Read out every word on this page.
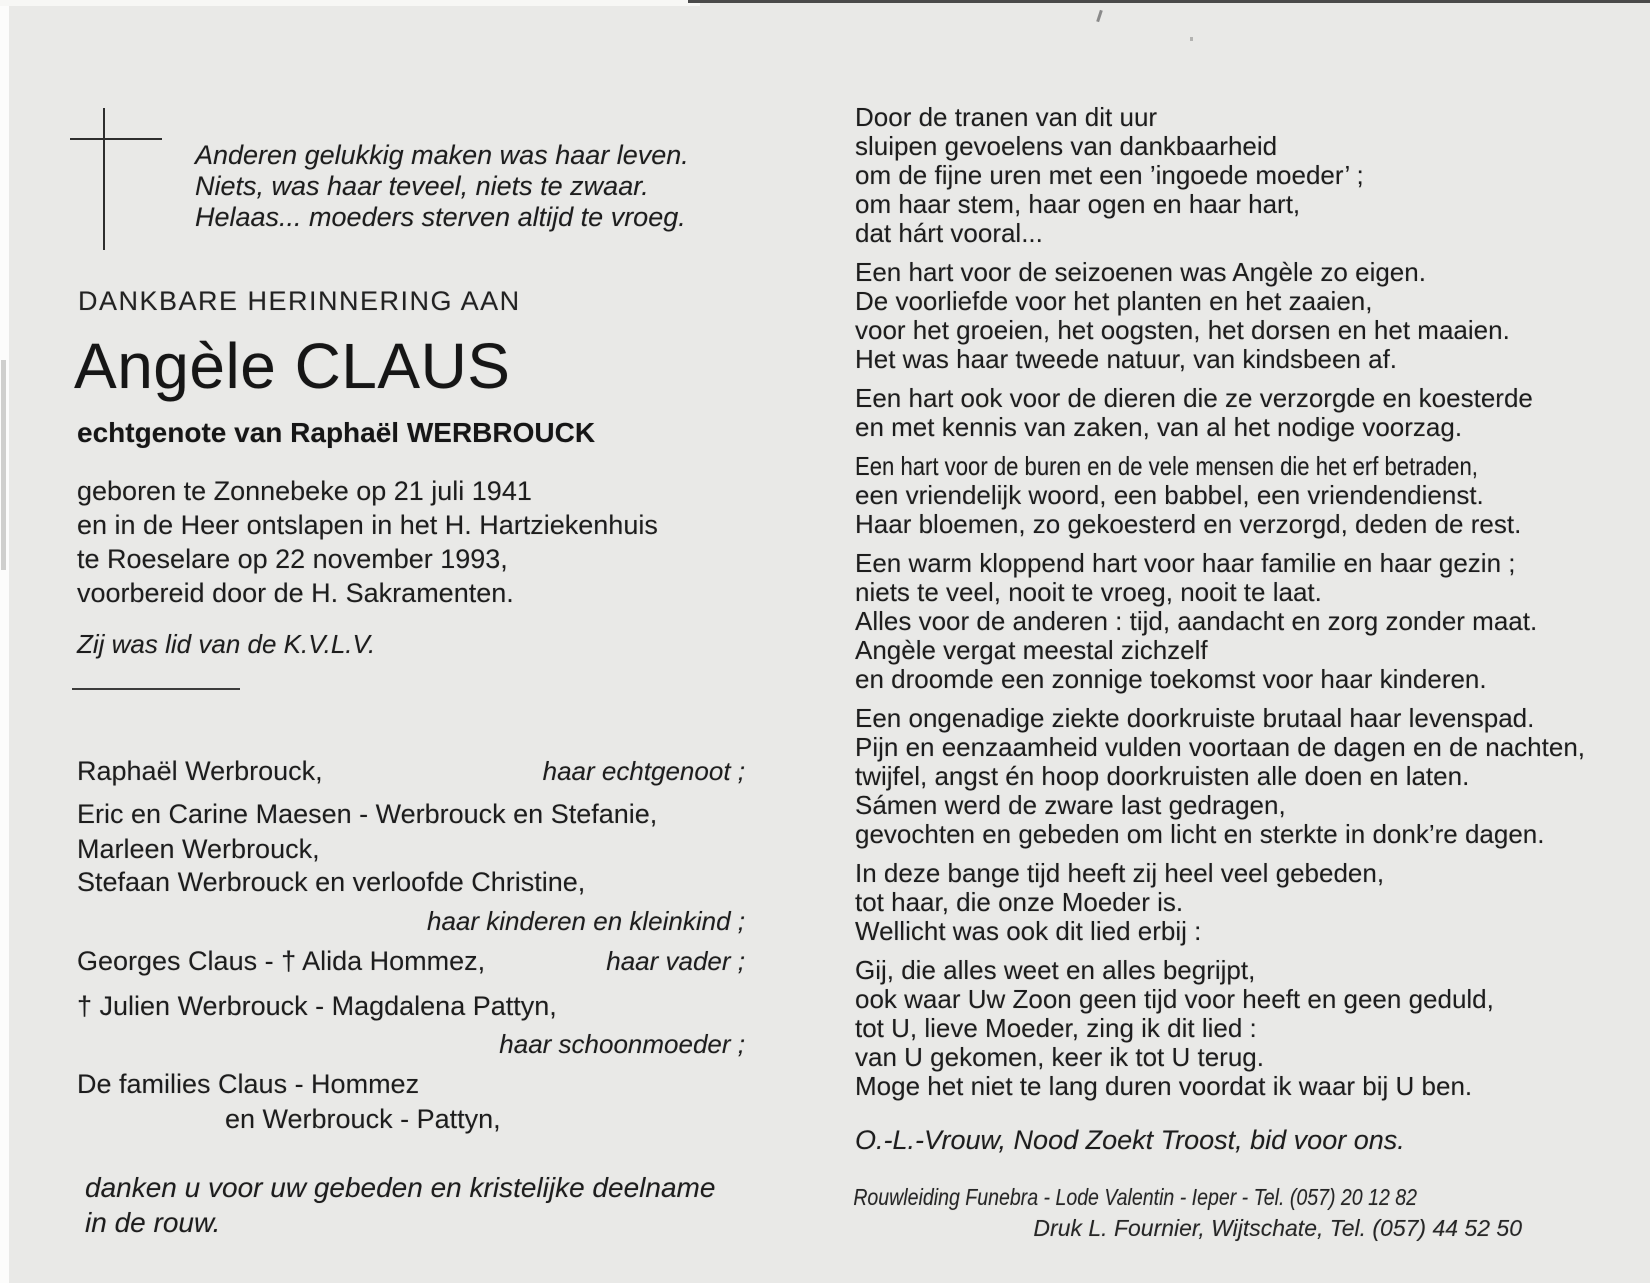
Anderen gelukkig maken was haar leven.
Niets, was haar teveel, niets te zwaar.
Helaas... moeders sterven altijd te vroeg.
DANKBARE HERINNERING AAN
Angèle CLAUS
echtgenote van Raphaël WERBROUCK
geboren te Zonnebeke op 21 juli 1941
en in de Heer ontslapen in het H. Hartziekenhuis
te Roeselare op 22 november 1993,
voorbereid door de H. Sakramenten.
Zij was lid van de K.V.L.V.
Raphaël Werbrouck,	haar echtgenoot ;
Eric en Carine Maesen - Werbrouck en Stefanie,
Marleen Werbrouck,
Stefaan Werbrouck en verloofde Christine,
haar kinderen en kleinkind ;
Georges Claus - † Alida Hommez,	haar vader ;
† Julien Werbrouck - Magdalena Pattyn,
haar schoonmoeder ;
De families Claus - Hommez
en Werbrouck - Pattyn,
danken u voor uw gebeden en kristelijke deelname
in de rouw.
Door de tranen van dit uur
sluipen gevoelens van dankbaarheid
om de fijne uren met een ’ingoede moeder’ ;
om haar stem, haar ogen en haar hart,
dat hárt vooral...
Een hart voor de seizoenen was Angèle zo eigen.
De voorliefde voor het planten en het zaaien,
voor het groeien, het oogsten, het dorsen en het maaien.
Het was haar tweede natuur, van kindsbeen af.
Een hart ook voor de dieren die ze verzorgde en koesterde
en met kennis van zaken, van al het nodige voorzag.
Een hart voor de buren en de vele mensen die het erf betraden,
een vriendelijk woord, een babbel, een vriendendienst.
Haar bloemen, zo gekoesterd en verzorgd, deden de rest.
Een warm kloppend hart voor haar familie en haar gezin ;
niets te veel, nooit te vroeg, nooit te laat.
Alles voor de anderen : tijd, aandacht en zorg zonder maat.
Angèle vergat meestal zichzelf
en droomde een zonnige toekomst voor haar kinderen.
Een ongenadige ziekte doorkruiste brutaal haar levenspad.
Pijn en eenzaamheid vulden voortaan de dagen en de nachten,
twijfel, angst én hoop doorkruisten alle doen en laten.
Sámen werd de zware last gedragen,
gevochten en gebeden om licht en sterkte in donk’re dagen.
In deze bange tijd heeft zij heel veel gebeden,
tot haar, die onze Moeder is.
Wellicht was ook dit lied erbij :
Gij, die alles weet en alles begrijpt,
ook waar Uw Zoon geen tijd voor heeft en geen geduld,
tot U, lieve Moeder, zing ik dit lied :
van U gekomen, keer ik tot U terug.
Moge het niet te lang duren voordat ik waar bij U ben.
O.-L.-Vrouw, Nood Zoekt Troost, bid voor ons.
Rouwleiding Funebra - Lode Valentin - Ieper - Tel. (057) 20 12 82
Druk L. Fournier, Wijtschate, Tel. (057) 44 52 50
